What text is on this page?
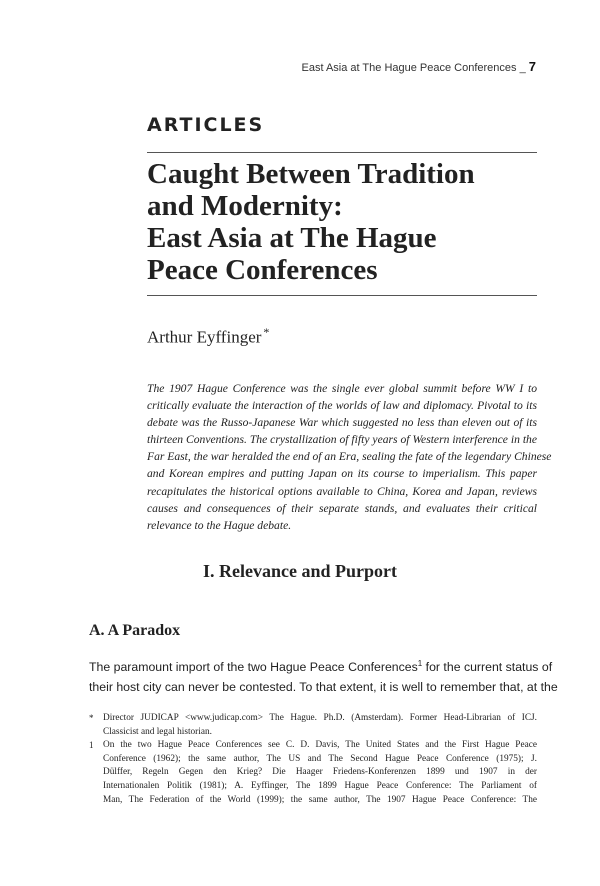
East Asia at The Hague Peace Conferences _ 7
ARTICLES
Caught Between Tradition
and Modernity:
East Asia at The Hague
Peace Conferences
Arthur Eyffinger *
The 1907 Hague Conference was the single ever global summit before WW I to
critically evaluate the interaction of the worlds of law and diplomacy. Pivotal to its
debate was the Russo-Japanese War which suggested no less than eleven out of its
thirteen Conventions. The crystallization of fifty years of Western interference in the
Far East, the war heralded the end of an Era, sealing the fate of the legendary Chinese
and Korean empires and putting Japan on its course to imperialism. This paper
recapitulates the historical options available to China, Korea and Japan, reviews
causes and consequences of their separate stands, and evaluates their critical
relevance to the Hague debate.
I. Relevance and Purport
A. A Paradox
The paramount import of the two Hague Peace Conferences$^1$ for the current status of
their host city can never be contested. To that extent, it is well to remember that, at the
* Director JUDICAP <www.judicap.com> The Hague. Ph.D. (Amsterdam). Former Head-Librarian of ICJ.
Classicist and legal historian.
1 On the two Hague Peace Conferences see C. D. Davis, The United States and the First Hague Peace
Conference (1962); the same author, The US and The Second Hague Peace Conference (1975); J.
Dülffer, Regeln Gegen den Krieg? Die Haager Friedens-Konferenzen 1899 und 1907 in der
Internationalen Politik (1981); A. Eyffinger, The 1899 Hague Peace Conference: The Parliament of
Man, The Federation of the World (1999); the same author, The 1907 Hague Peace Conference: The
